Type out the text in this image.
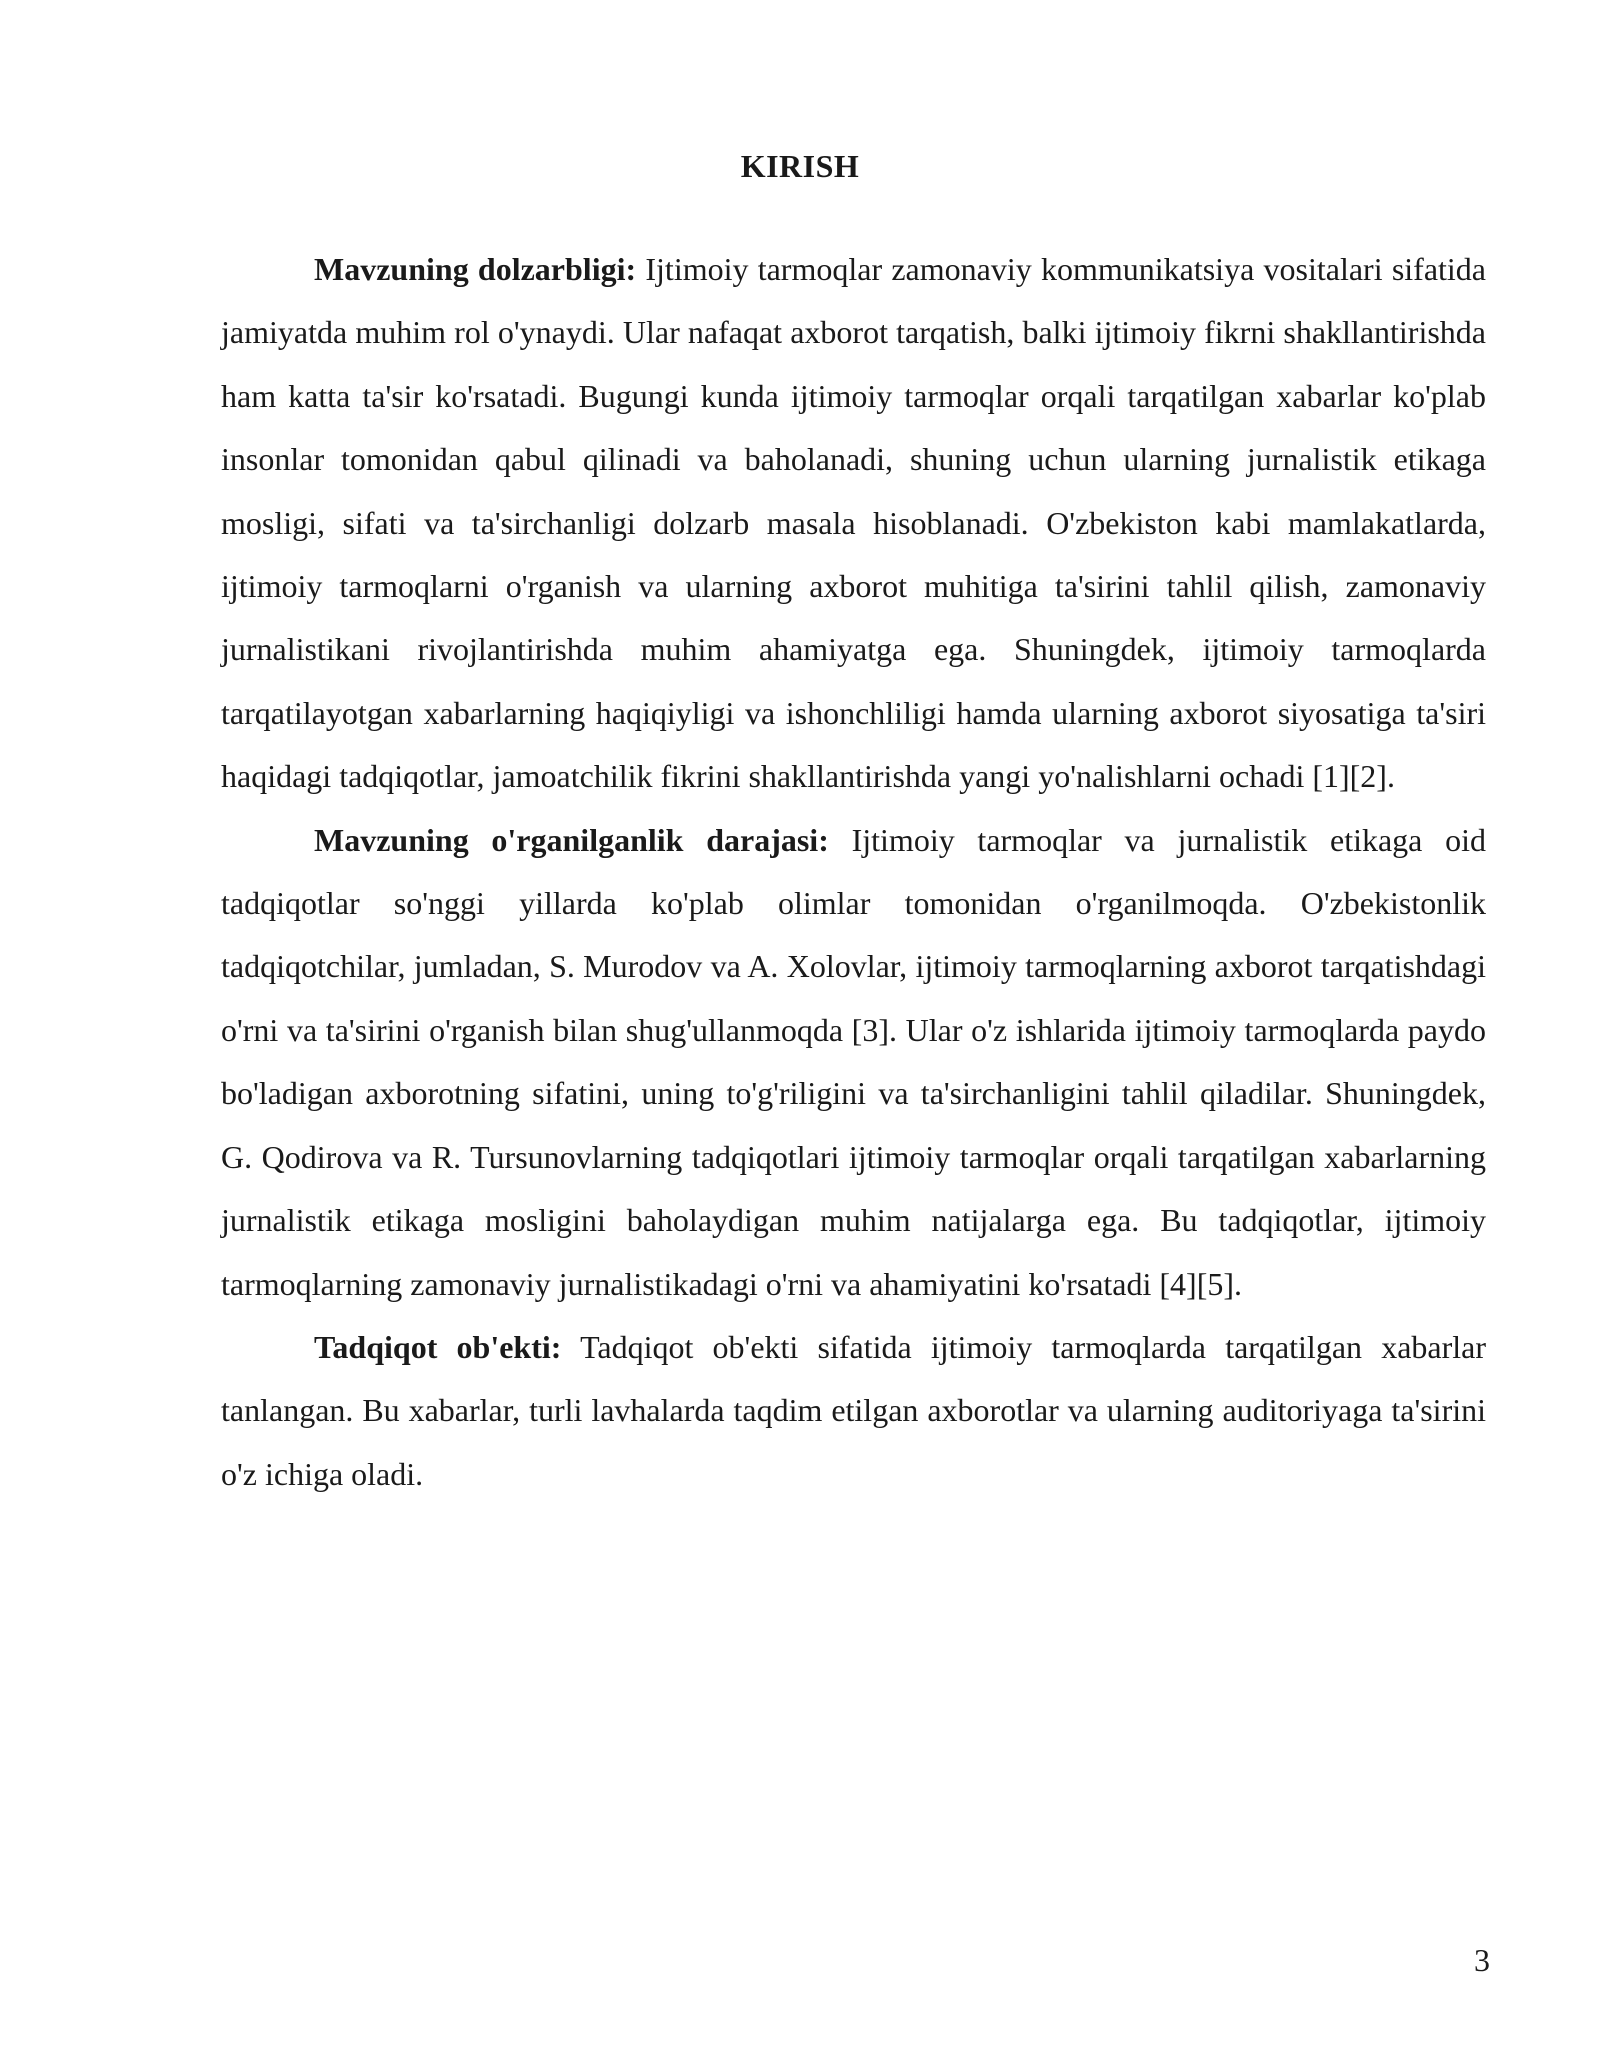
KIRISH

Mavzuning dolzarbligi: Ijtimoiy tarmoqlar zamonaviy kommunikatsiya vositalari sifatida jamiyatda muhim rol o'ynaydi. Ular nafaqat axborot tarqatish, balki ijtimoiy fikrni shakllantirishda ham katta ta'sir ko'rsatadi. Bugungi kunda ijtimoiy tarmoqlar orqali tarqatilgan xabarlar ko'plab insonlar tomonidan qabul qilinadi va baholanadi, shuning uchun ularning jurnalistik etikaga mosligi, sifati va ta'sirchanligi dolzarb masala hisoblanadi. O'zbekiston kabi mamlakatlarda, ijtimoiy tarmoqlarni o'rganish va ularning axborot muhitiga ta'sirini tahlil qilish, zamonaviy jurnalistikani rivojlantirishda muhim ahamiyatga ega. Shuningdek, ijtimoiy tarmoqlarda tarqatilayotgan xabarlarning haqiqiyligi va ishonchliligi hamda ularning axborot siyosatiga ta'siri haqidagi tadqiqotlar, jamoatchilik fikrini shakllantirishda yangi yo'nalishlarni ochadi [1][2].

Mavzuning o'rganilganlik darajasi: Ijtimoiy tarmoqlar va jurnalistik etikaga oid tadqiqotlar so'nggi yillarda ko'plab olimlar tomonidan o'rganilmoqda. O'zbekistonlik tadqiqotchilar, jumladan, S. Murodov va A. Xolovlar, ijtimoiy tarmoqlarning axborot tarqatishdagi o'rni va ta'sirini o'rganish bilan shug'ullanmoqda [3]. Ular o'z ishlarida ijtimoiy tarmoqlarda paydo bo'ladigan axborotning sifatini, uning to'g'riligini va ta'sirchanligini tahlil qiladilar. Shuningdek, G. Qodirova va R. Tursunovlarning tadqiqotlari ijtimoiy tarmoqlar orqali tarqatilgan xabarlarning jurnalistik etikaga mosligini baholaydigan muhim natijalarga ega. Bu tadqiqotlar, ijtimoiy tarmoqlarning zamonaviy jurnalistikadagi o'rni va ahamiyatini ko'rsatadi [4][5].

Tadqiqot ob'ekti: Tadqiqot ob'ekti sifatida ijtimoiy tarmoqlarda tarqatilgan xabarlar tanlangan. Bu xabarlar, turli lavhalarda taqdim etilgan axborotlar va ularning auditoriyaga ta'sirini o'z ichiga oladi.

3
